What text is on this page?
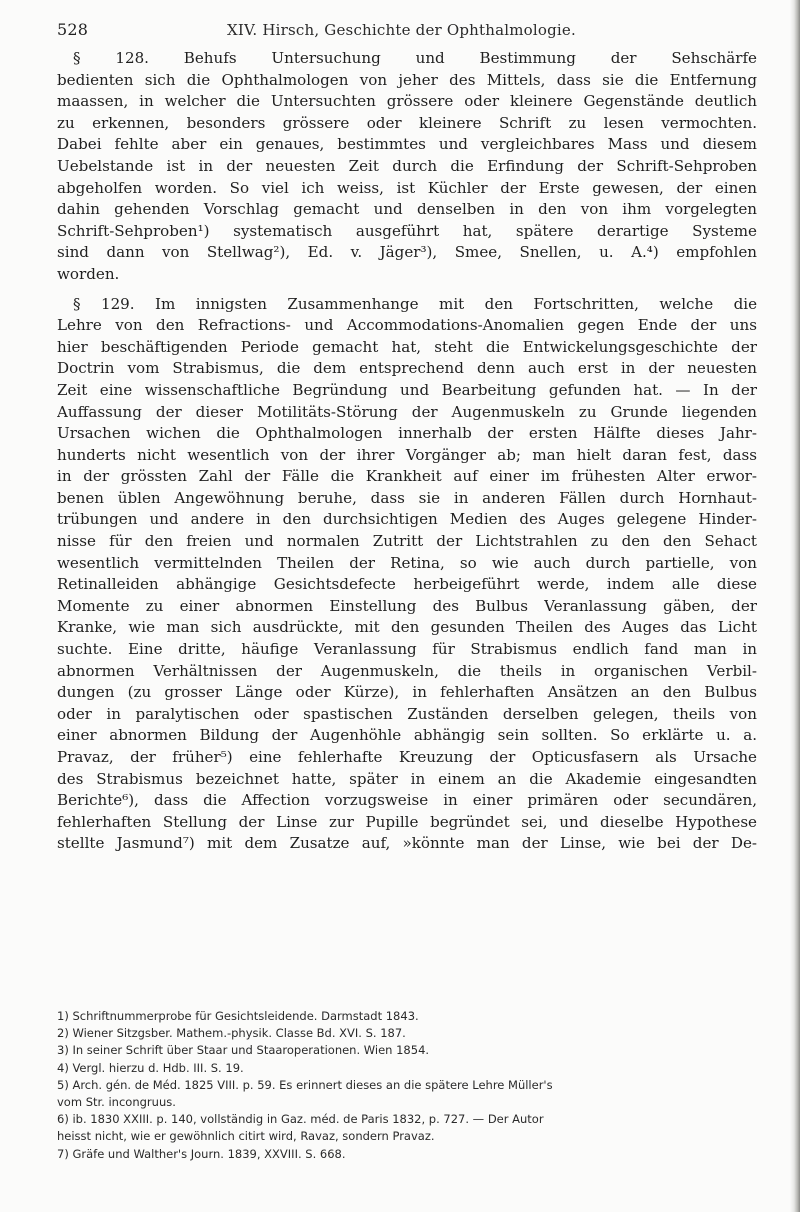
528	XIV. Hirsch, Geschichte der Ophthalmologie.
§ 128. Behufs Untersuchung und Bestimmung der Sehschärfe
bedienten sich die Ophthalmologen von jeher des Mittels, dass sie die Entfernung
maassen, in welcher die Untersuchten grössere oder kleinere Gegenstände deutlich
zu erkennen, besonders grössere oder kleinere Schrift zu lesen vermochten.
Dabei fehlte aber ein genaues, bestimmtes und vergleichbares Mass und diesem
Uebelstande ist in der neuesten Zeit durch die Erfindung der Schrift-Sehproben
abgeholfen worden. So viel ich weiss, ist Küchler der Erste gewesen, der einen
dahin gehenden Vorschlag gemacht und denselben in den von ihm vorgelegten
Schrift-Sehproben¹) systematisch ausgeführt hat, spätere derartige Systeme
sind dann von Stellwag²), Ed. v. Jäger³), Smee, Snellen, u. A.⁴) empfohlen
worden.
§ 129. Im innigsten Zusammenhange mit den Fortschritten, welche die
Lehre von den Refractions- und Accommodations-Anomalien gegen Ende der uns
hier beschäftigenden Periode gemacht hat, steht die Entwickelungsgeschichte der
Doctrin vom Strabismus, die dem entsprechend denn auch erst in der neuesten
Zeit eine wissenschaftliche Begründung und Bearbeitung gefunden hat. — In der
Auffassung der dieser Motilitäts-Störung der Augenmuskeln zu Grunde liegenden
Ursachen wichen die Ophthalmologen innerhalb der ersten Hälfte dieses Jahr-
hunderts nicht wesentlich von der ihrer Vorgänger ab; man hielt daran fest, dass
in der grössten Zahl der Fälle die Krankheit auf einer im frühesten Alter erwor-
benen üblen Angewöhnung beruhe, dass sie in anderen Fällen durch Hornhaut-
trübungen und andere in den durchsichtigen Medien des Auges gelegene Hinder-
nisse für den freien und normalen Zutritt der Lichtstrahlen zu den den Sehact
wesentlich vermittelnden Theilen der Retina, so wie auch durch partielle, von
Retinalleiden abhängige Gesichtsdefecte herbeigeführt werde, indem alle diese
Momente zu einer abnormen Einstellung des Bulbus Veranlassung gäben, der
Kranke, wie man sich ausdrückte, mit den gesunden Theilen des Auges das Licht
suchte. Eine dritte, häufige Veranlassung für Strabismus endlich fand man in
abnormen Verhältnissen der Augenmuskeln, die theils in organischen Verbil-
dungen (zu grosser Länge oder Kürze), in fehlerhaften Ansätzen an den Bulbus
oder in paralytischen oder spastischen Zuständen derselben gelegen, theils von
einer abnormen Bildung der Augenhöhle abhängig sein sollten. So erklärte u. a.
Pravaz, der früher⁵) eine fehlerhafte Kreuzung der Opticusfasern als Ursache
des Strabismus bezeichnet hatte, später in einem an die Akademie eingesandten
Berichte⁶), dass die Affection vorzugsweise in einer primären oder secundären,
fehlerhaften Stellung der Linse zur Pupille begründet sei, und dieselbe Hypothese
stellte Jasmund⁷) mit dem Zusatze auf, »könnte man der Linse, wie bei der De-
1) Schriftnummerprobe für Gesichtsleidende. Darmstadt 1843.
2) Wiener Sitzgsber. Mathem.-physik. Classe Bd. XVI. S. 187.
3) In seiner Schrift über Staar und Staaroperationen. Wien 1854.
4) Vergl. hierzu d. Hdb. III. S. 19.
5) Arch. gén. de Méd. 1825 VIII. p. 59. Es erinnert dieses an die spätere Lehre Müller's
vom Str. incongruus.
6) ib. 1830 XXIII. p. 140, vollständig in Gaz. méd. de Paris 1832, p. 727. — Der Autor
heisst nicht, wie er gewöhnlich citirt wird, Ravaz, sondern Pravaz.
7) Gräfe und Walther's Journ. 1839, XXVIII. S. 668.
